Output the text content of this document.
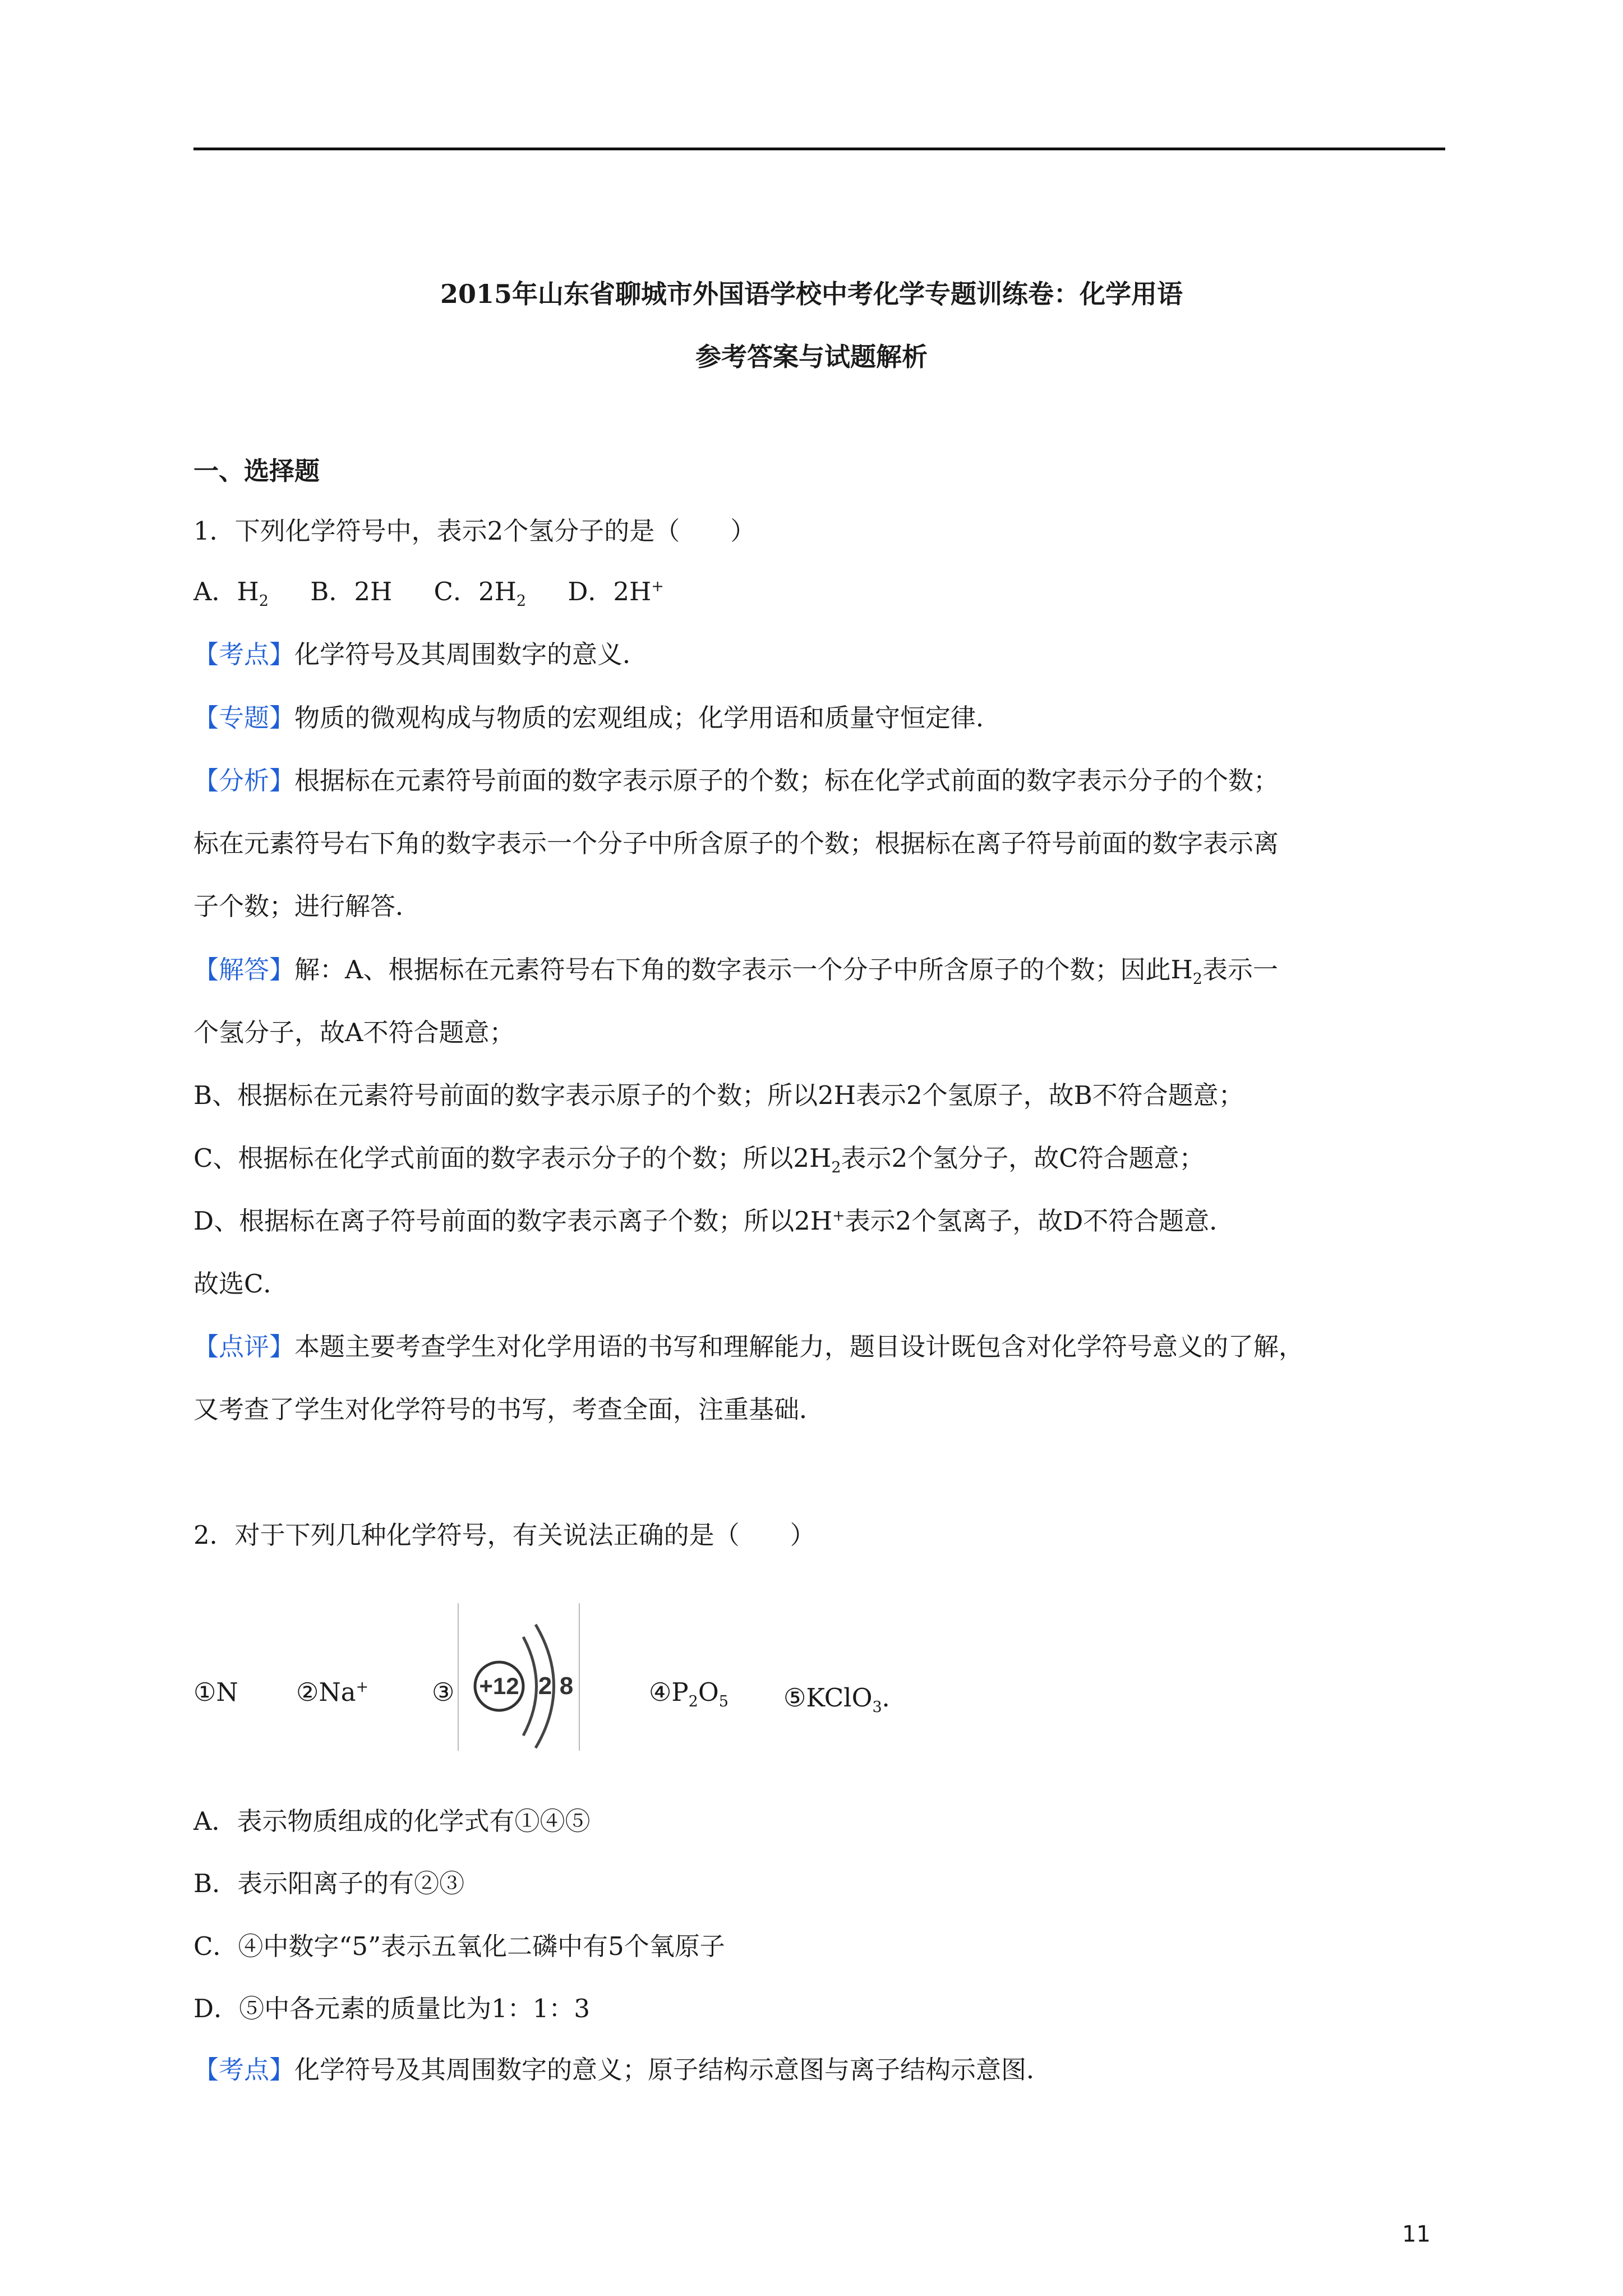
2015年山东省聊城市外国语学校中考化学专题训练卷：化学用语
参考答案与试题解析
一、选择题
1．下列化学符号中，表示2个氢分子的是（　　）
A．$H_2$ B．2H C．$2H_2$ D．2H+
【考点】化学符号及其周围数字的意义．
【专题】物质的微观构成与物质的宏观组成；化学用语和质量守恒定律．
【分析】根据标在元素符号前面的数字表示原子的个数；标在化学式前面的数字表示分子的个数；
标在元素符号右下角的数字表示一个分子中所含原子的个数；根据标在离子符号前面的数字表示离
子个数；进行解答．
【解答】解：A、根据标在元素符号右下角的数字表示一个分子中所含原子的个数；因此$H_2$表示一
个氢分子，故A不符合题意；
B、根据标在元素符号前面的数字表示原子的个数；所以2H表示2个氢原子，故B不符合题意；
C、根据标在化学式前面的数字表示分子的个数；所以$2H_2$表示2个氢分子，故C符合题意；
D、根据标在离子符号前面的数字表示离子个数；所以2H+表示2个氢离子，故D不符合题意．
故选C．
【点评】本题主要考查学生对化学用语的书写和理解能力，题目设计既包含对化学符号意义的了解，
又考查了学生对化学符号的书写，考查全面，注重基础．
2．对于下列几种化学符号，有关说法正确的是（　　）
①N ②Na+	③ +12 2 8	$④P_2O_5$ ⑤KClO$_3$．
A．表示物质组成的化学式有①④⑤
B．表示阳离子的有②③
C．④中数字“5”表示五氧化二磷中有5个氧原子
D．⑤中各元素的质量比为1：1：3
【考点】化学符号及其周围数字的意义；原子结构示意图与离子结构示意图．
11
